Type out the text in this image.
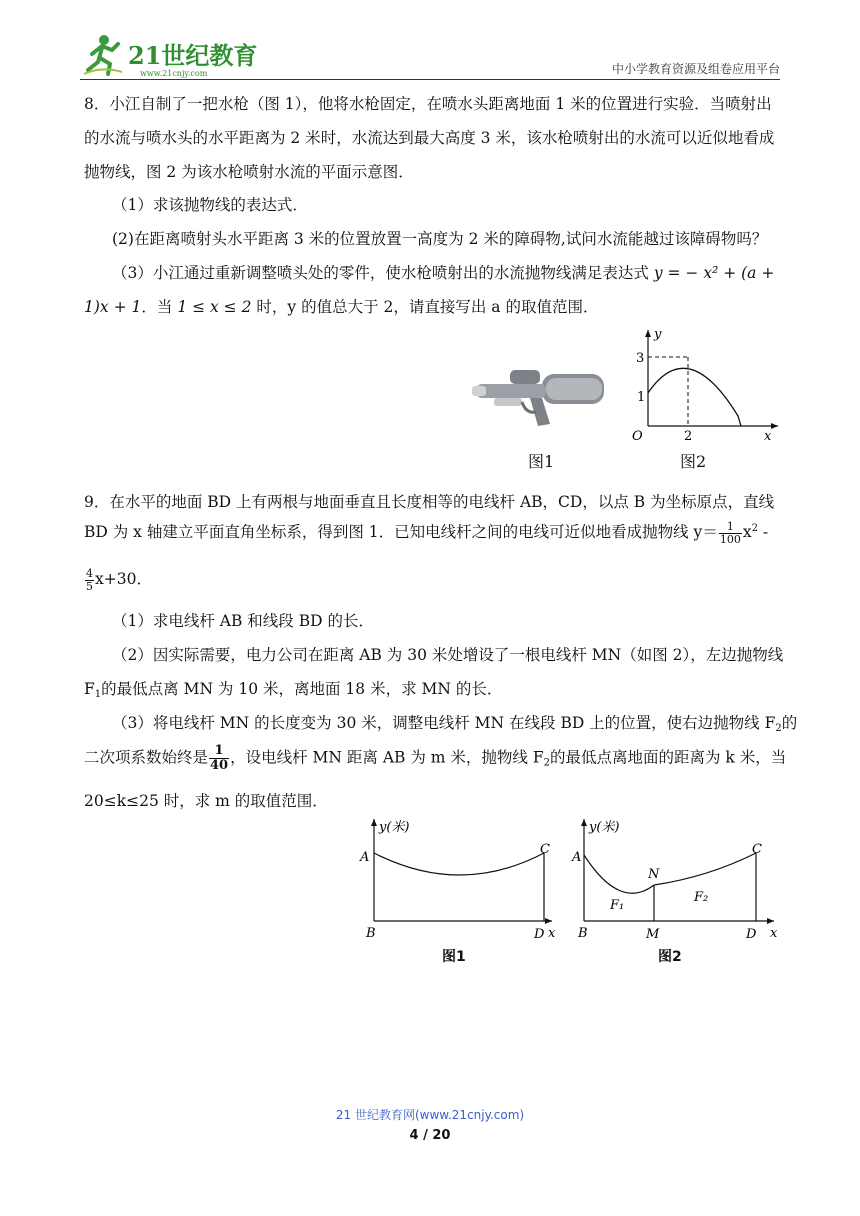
21世纪教育
www.21cnjy.com	中小学教育资源及组卷应用平台
8．小江自制了一把水枪（图 1），他将水枪固定，在喷水头距离地面 1 米的位置进行实验．当喷射出
的水流与喷水头的水平距离为 2 米时，水流达到最大高度 3 米，该水枪喷射出的水流可以近似地看成
抛物线，图 2 为该水枪喷射水流的平面示意图．
（1）求该抛物线的表达式．
(2)在距离喷射头水平距离 3 米的位置放置一高度为 2 米的障碍物,试问水流能越过该障碍物吗？
（3）小江通过重新调整喷头处的零件，使水枪喷射出的水流抛物线满足表达式 y = − x² + (a +
1)x + 1．当 1 ≤ x ≤ 2 时，y 的值总大于 2，请直接写出 a 的取值范围．
图1
y
x
O
3
1
2
图2
9．在水平的地面 BD 上有两根与地面垂直且长度相等的电线杆 AB，CD，以点 B 为坐标原点，直线
BD 为 x 轴建立平面直角坐标系，得到图 1．已知电线杆之间的电线可近似地看成抛物线 $y= \frac{1}{100} x^2$ -
$\frac{4}{5} x+30$．
（1）求电线杆 AB 和线段 BD 的长．
（2）因实际需要，电力公司在距离 AB 为 30 米处增设了一根电线杆 MN（如图 2），左边抛物线
$F_1$的最低点离 MN 为 10 米，离地面 18 米，求 MN 的长．
（3）将电线杆 MN 的长度变为 30 米，调整电线杆 MN 在线段 BD 上的位置，使右边抛物线 $F_2$的
二次项系数始终是 $\frac{1}{40}$ ，设电线杆 MN 距离 AB 为 m 米，抛物线 $F_2$的最低点离地面的距离为 k 米，当
20≤k≤25 时，求 m 的取值范围．
y(米)
x
A
B
C
D
图1
y(米)
x
A
B
C
D
M
N
F₁
F₂
图2
21 世纪教育网(www.21cnjy.com)
4 / 20
